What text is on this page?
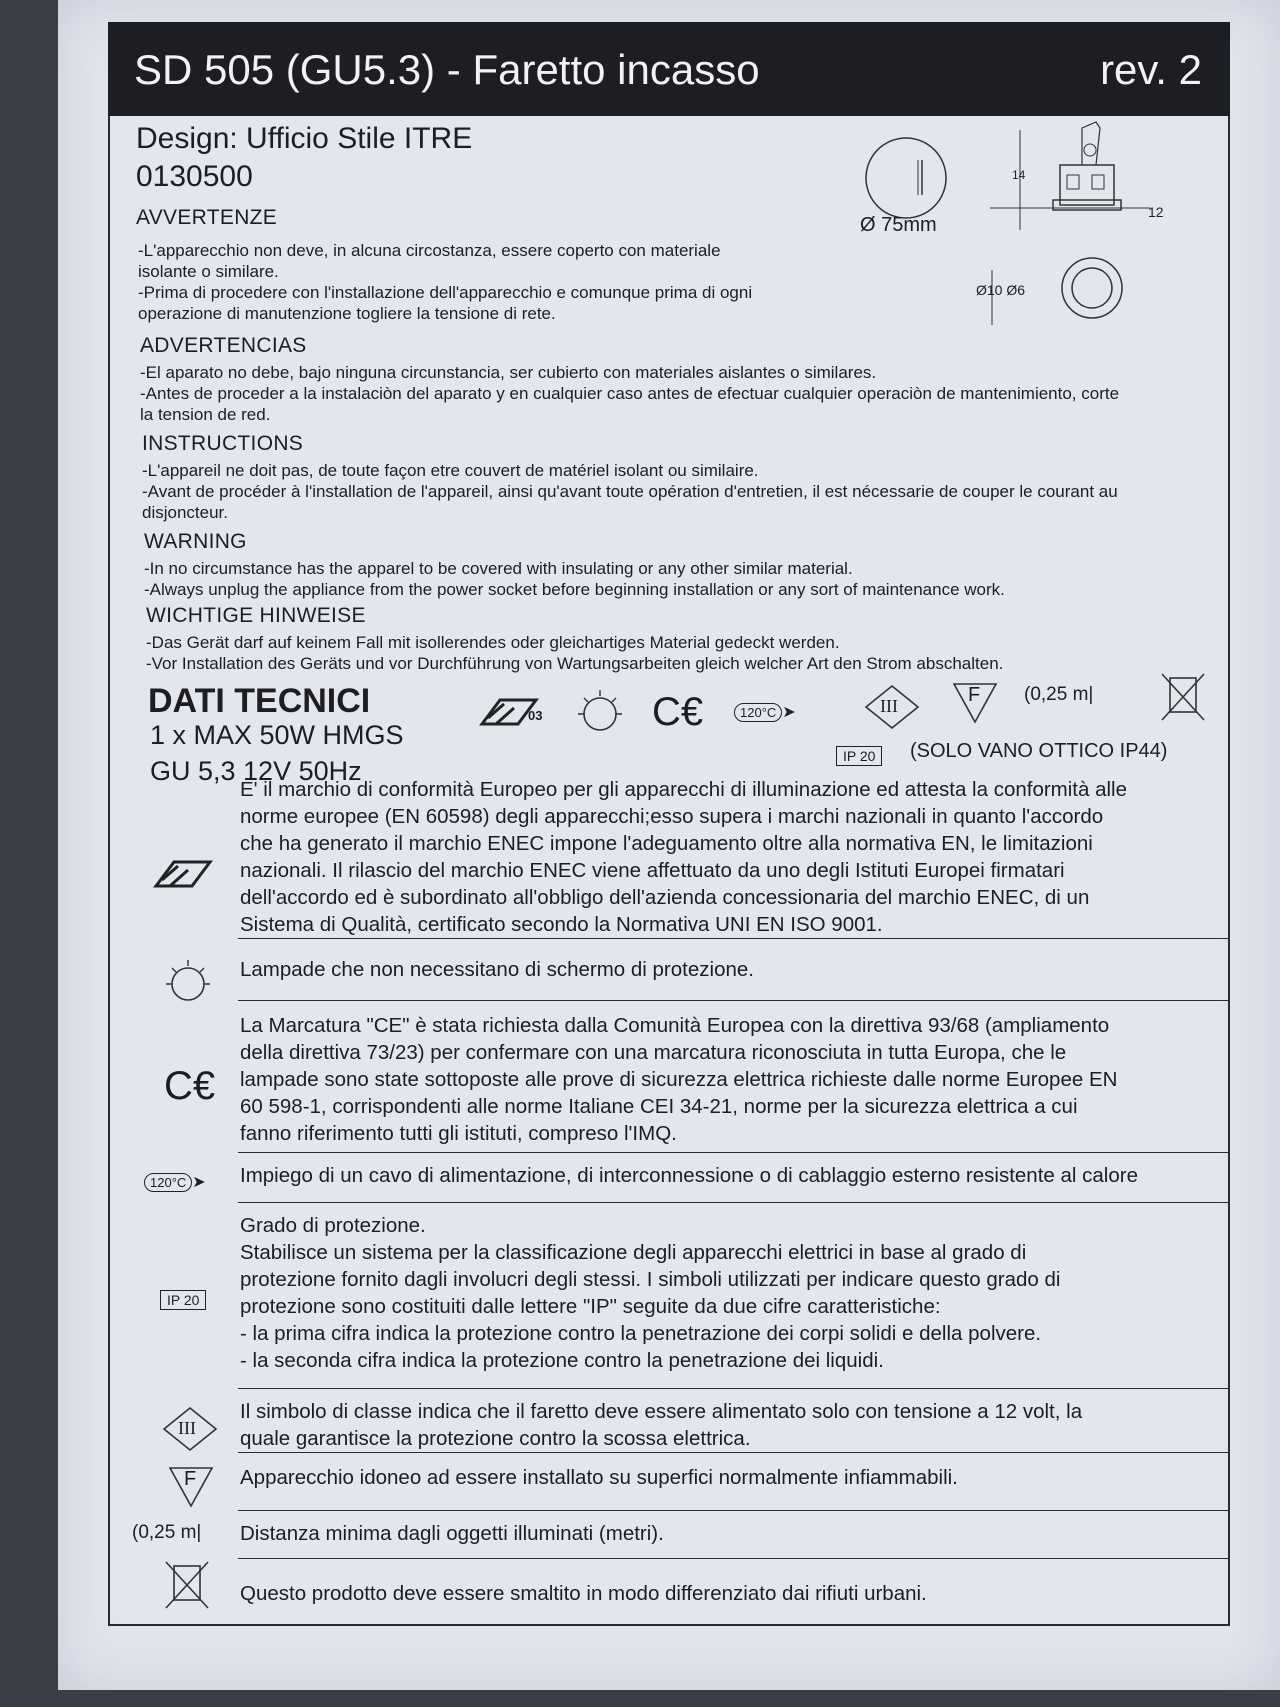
SD 505 (GU5.3) - Faretto incasso	rev. 2
Design: Ufficio Stile ITRE
0130500
Ø 75mm
14
12
Ø10 Ø6
AVVERTENZE
-L'apparecchio non deve, in alcuna circostanza, essere coperto con materiale
isolante o similare.
-Prima di procedere con l'installazione dell'apparecchio e comunque prima di ogni
operazione di manutenzione togliere la tensione di rete.
ADVERTENCIAS
-El aparato no debe, bajo ninguna circunstancia, ser cubierto con materiales aislantes o similares.
-Antes de proceder a la instalaciòn del aparato y en cualquier caso antes de efectuar cualquier operaciòn de mantenimiento, corte
la tension de red.
INSTRUCTIONS
-L'appareil ne doit pas, de toute façon etre couvert de matériel isolant ou similaire.
-Avant de procéder à l'installation de l'appareil, ainsi qu'avant toute opération d'entretien, il est nécessarie de couper le courant au
disjoncteur.
WARNING
-In no circumstance has the apparel to be covered with insulating or any other similar material.
-Always unplug the appliance from the power socket before beginning installation or any sort of maintenance work.
WICHTIGE HINWEISE
-Das Gerät darf auf keinem Fall mit isollerendes oder gleichartiges Material gedeckt werden.
-Vor Installation des Geräts und vor Durchführung von Wartungsarbeiten gleich welcher Art den Strom abschalten.
DATI TECNICI
1 x MAX 50W HMGS
GU 5,3 12V 50Hz
03	C€	120°C ➤	III	F (0,25 m|
IP 20	(SOLO VANO OTTICO IP44)
E' il marchio di conformità Europeo per gli apparecchi di illuminazione ed attesta la conformità alle
norme europee (EN 60598) degli apparecchi;esso supera i marchi nazionali in quanto l'accordo
che ha generato il marchio ENEC impone l'adeguamento oltre alla normativa EN, le limitazioni
nazionali. Il rilascio del marchio ENEC viene affettuato da uno degli Istituti Europei firmatari
dell'accordo ed è subordinato all'obbligo dell'azienda concessionaria del marchio ENEC, di un
Sistema di Qualità, certificato secondo la Normativa UNI EN ISO 9001.
Lampade che non necessitano di schermo di protezione.
C€
La Marcatura "CE" è stata richiesta dalla Comunità Europea con la direttiva 93/68 (ampliamento
della direttiva 73/23) per confermare con una marcatura riconosciuta in tutta Europa, che le
lampade sono state sottoposte alle prove di sicurezza elettrica richieste dalle norme Europee EN
60 598-1, corrispondenti alle norme Italiane CEI 34-21, norme per la sicurezza elettrica a cui
fanno riferimento tutti gli istituti, compreso l'IMQ.
120°C ➤ Impiego di un cavo di alimentazione, di interconnessione o di cablaggio esterno resistente al calore
IP 20
Grado di protezione.
Stabilisce un sistema per la classificazione degli apparecchi elettrici in base al grado di
protezione fornito dagli involucri degli stessi. I simboli utilizzati per indicare questo grado di
protezione sono costituiti dalle lettere "IP" seguite da due cifre caratteristiche:
- la prima cifra indica la protezione contro la penetrazione dei corpi solidi e della polvere.
- la seconda cifra indica la protezione contro la penetrazione dei liquidi.
III
Il simbolo di classe indica che il faretto deve essere alimentato solo con tensione a 12 volt, la
quale garantisce la protezione contro la scossa elettrica.
F Apparecchio idoneo ad essere installato su superfici normalmente infiammabili.
(0,25 m| Distanza minima dagli oggetti illuminati (metri).
Questo prodotto deve essere smaltito in modo differenziato dai rifiuti urbani.
